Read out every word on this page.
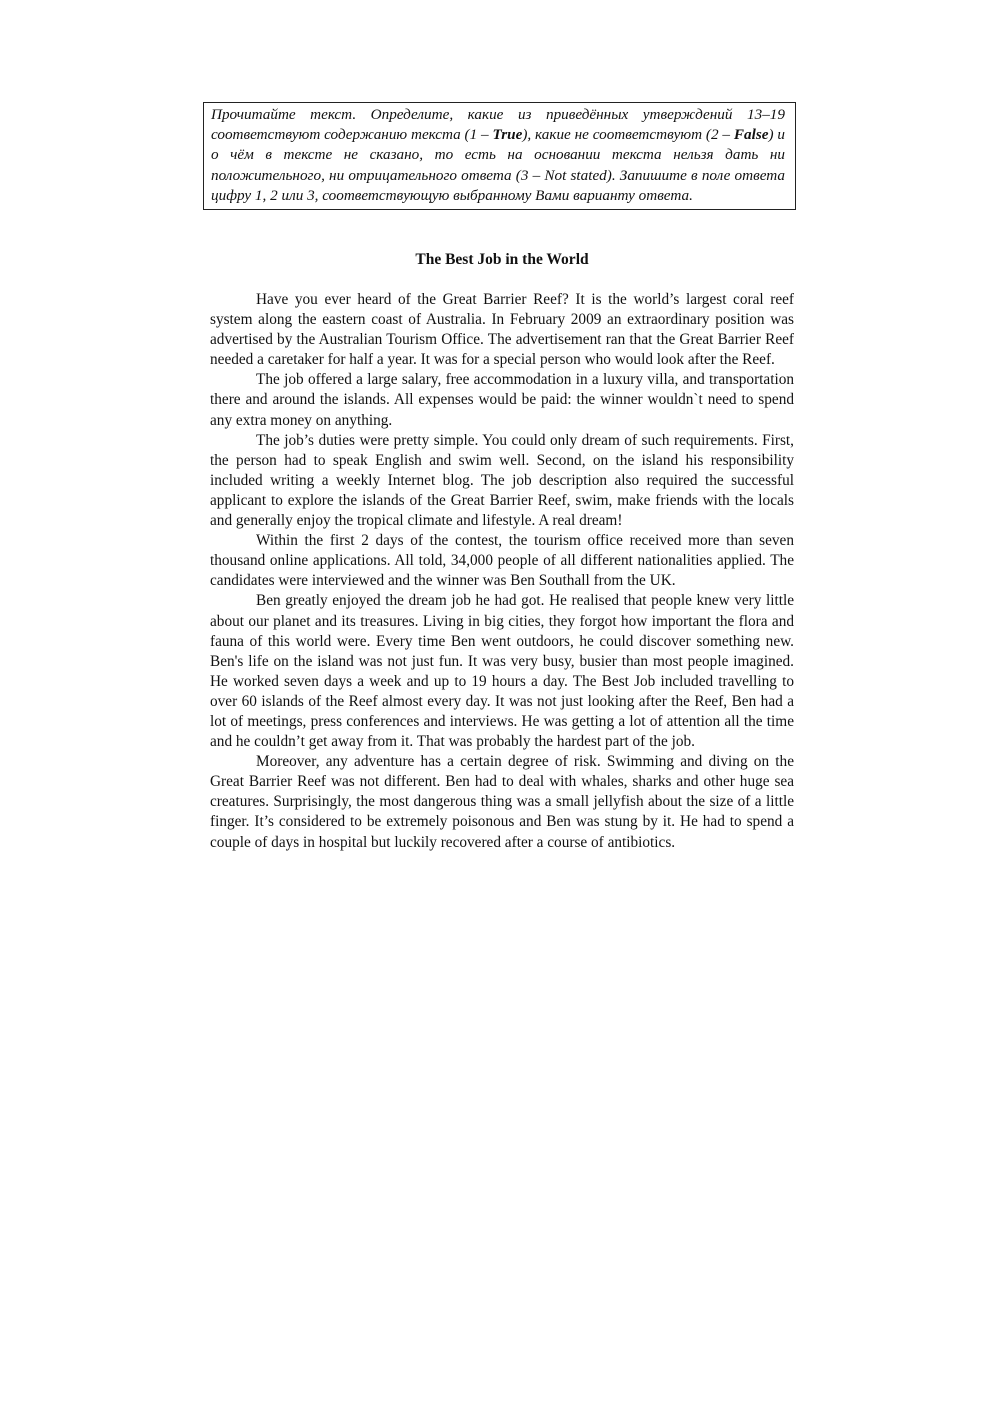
Прочитайте текст. Определите, какие из приведённых утверждений 13–19 соответствуют содержанию текста (1 – True), какие не соответствуют (2 – False) и о чём в тексте не сказано, то есть на основании текста нельзя дать ни положительного, ни отрицательного ответа (3 – Not stated). Запишите в поле ответа цифру 1, 2 или 3, соответствующую выбранному Вами варианту ответа.
The Best Job in the World

Have you ever heard of the Great Barrier Reef? It is the world’s largest coral reef system along the eastern coast of Australia. In February 2009 an extraordinary position was advertised by the Australian Tourism Office. The advertisement ran that the Great Barrier Reef needed a caretaker for half a year. It was for a special person who would look after the Reef.

The job offered a large salary, free accommodation in a luxury villa, and transportation there and around the islands. All expenses would be paid: the winner wouldn`t need to spend any extra money on anything.

The job’s duties were pretty simple. You could only dream of such requirements. First, the person had to speak English and swim well. Second, on the island his responsibility included writing a weekly Internet blog. The job description also required the successful applicant to explore the islands of the Great Barrier Reef, swim, make friends with the locals and generally enjoy the tropical climate and lifestyle. A real dream!

Within the first 2 days of the contest, the tourism office received more than seven thousand online applications. All told, 34,000 people of all different nationalities applied. The candidates were interviewed and the winner was Ben Southall from the UK.

Ben greatly enjoyed the dream job he had got. He realised that people knew very little about our planet and its treasures. Living in big cities, they forgot how important the flora and fauna of this world were. Every time Ben went outdoors, he could discover something new. Ben's life on the island was not just fun. It was very busy, busier than most people imagined. He worked seven days a week and up to 19 hours a day. The Best Job included travelling to over 60 islands of the Reef almost every day. It was not just looking after the Reef, Ben had a lot of meetings, press conferences and interviews. He was getting a lot of attention all the time and he couldn’t get away from it. That was probably the hardest part of the job.

Moreover, any adventure has a certain degree of risk. Swimming and diving on the Great Barrier Reef was not different. Ben had to deal with whales, sharks and other huge sea creatures. Surprisingly, the most dangerous thing was a small jellyfish about the size of a little finger. It’s considered to be extremely poisonous and Ben was stung by it. He had to spend a couple of days in hospital but luckily recovered after a course of antibiotics.
